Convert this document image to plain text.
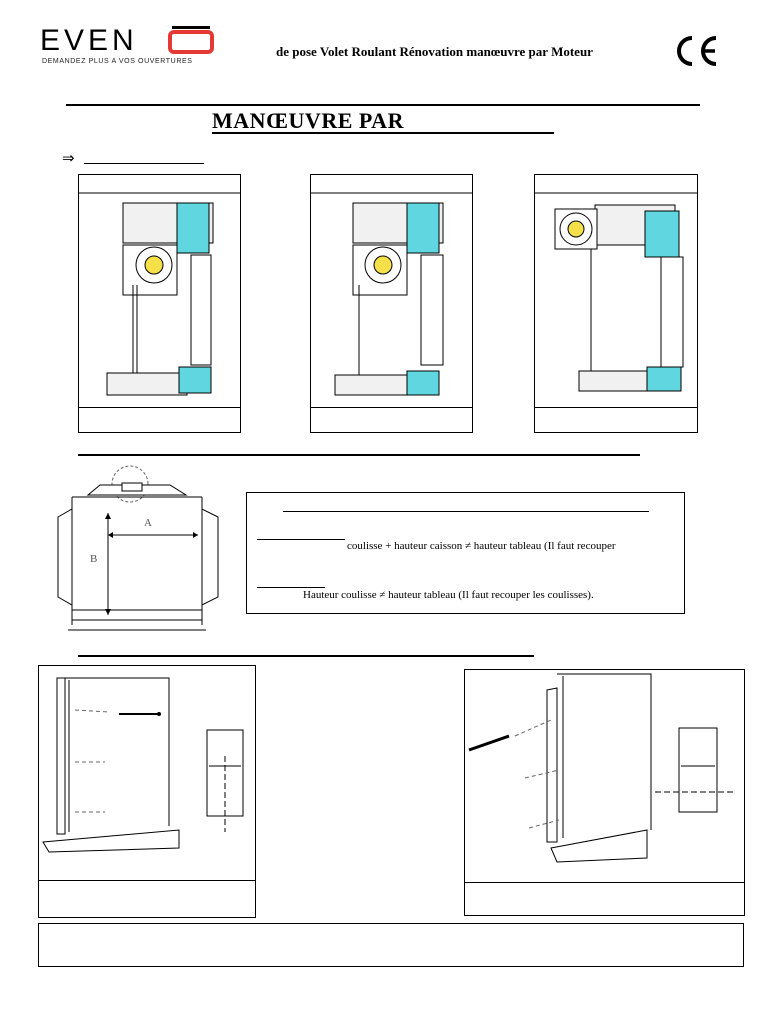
EVEN
DEMANDEZ PLUS A VOS OUVERTURES
de pose Volet Roulant Rénovation manœuvre par Moteur
MANŒUVRE PAR
⇒
A
B
coulisse + hauteur caisson ≠ hauteur tableau (Il faut recouper
Hauteur coulisse ≠ hauteur tableau (Il faut recouper les coulisses).
